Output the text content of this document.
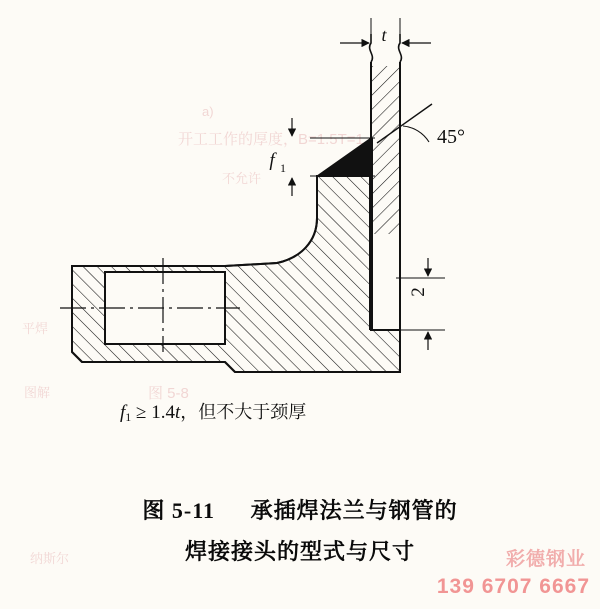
a)
开工工作的厚度，B=1.5T=1
不允许
图 5-8
图解
平焊
纳斯尔
t
f 1
45°
2
$f_1 \ge 1.4t$，但不大于颈厚
图 5-11 承插焊法兰与钢管的
焊接接头的型式与尺寸	彩德钢业
139 6707 6667
